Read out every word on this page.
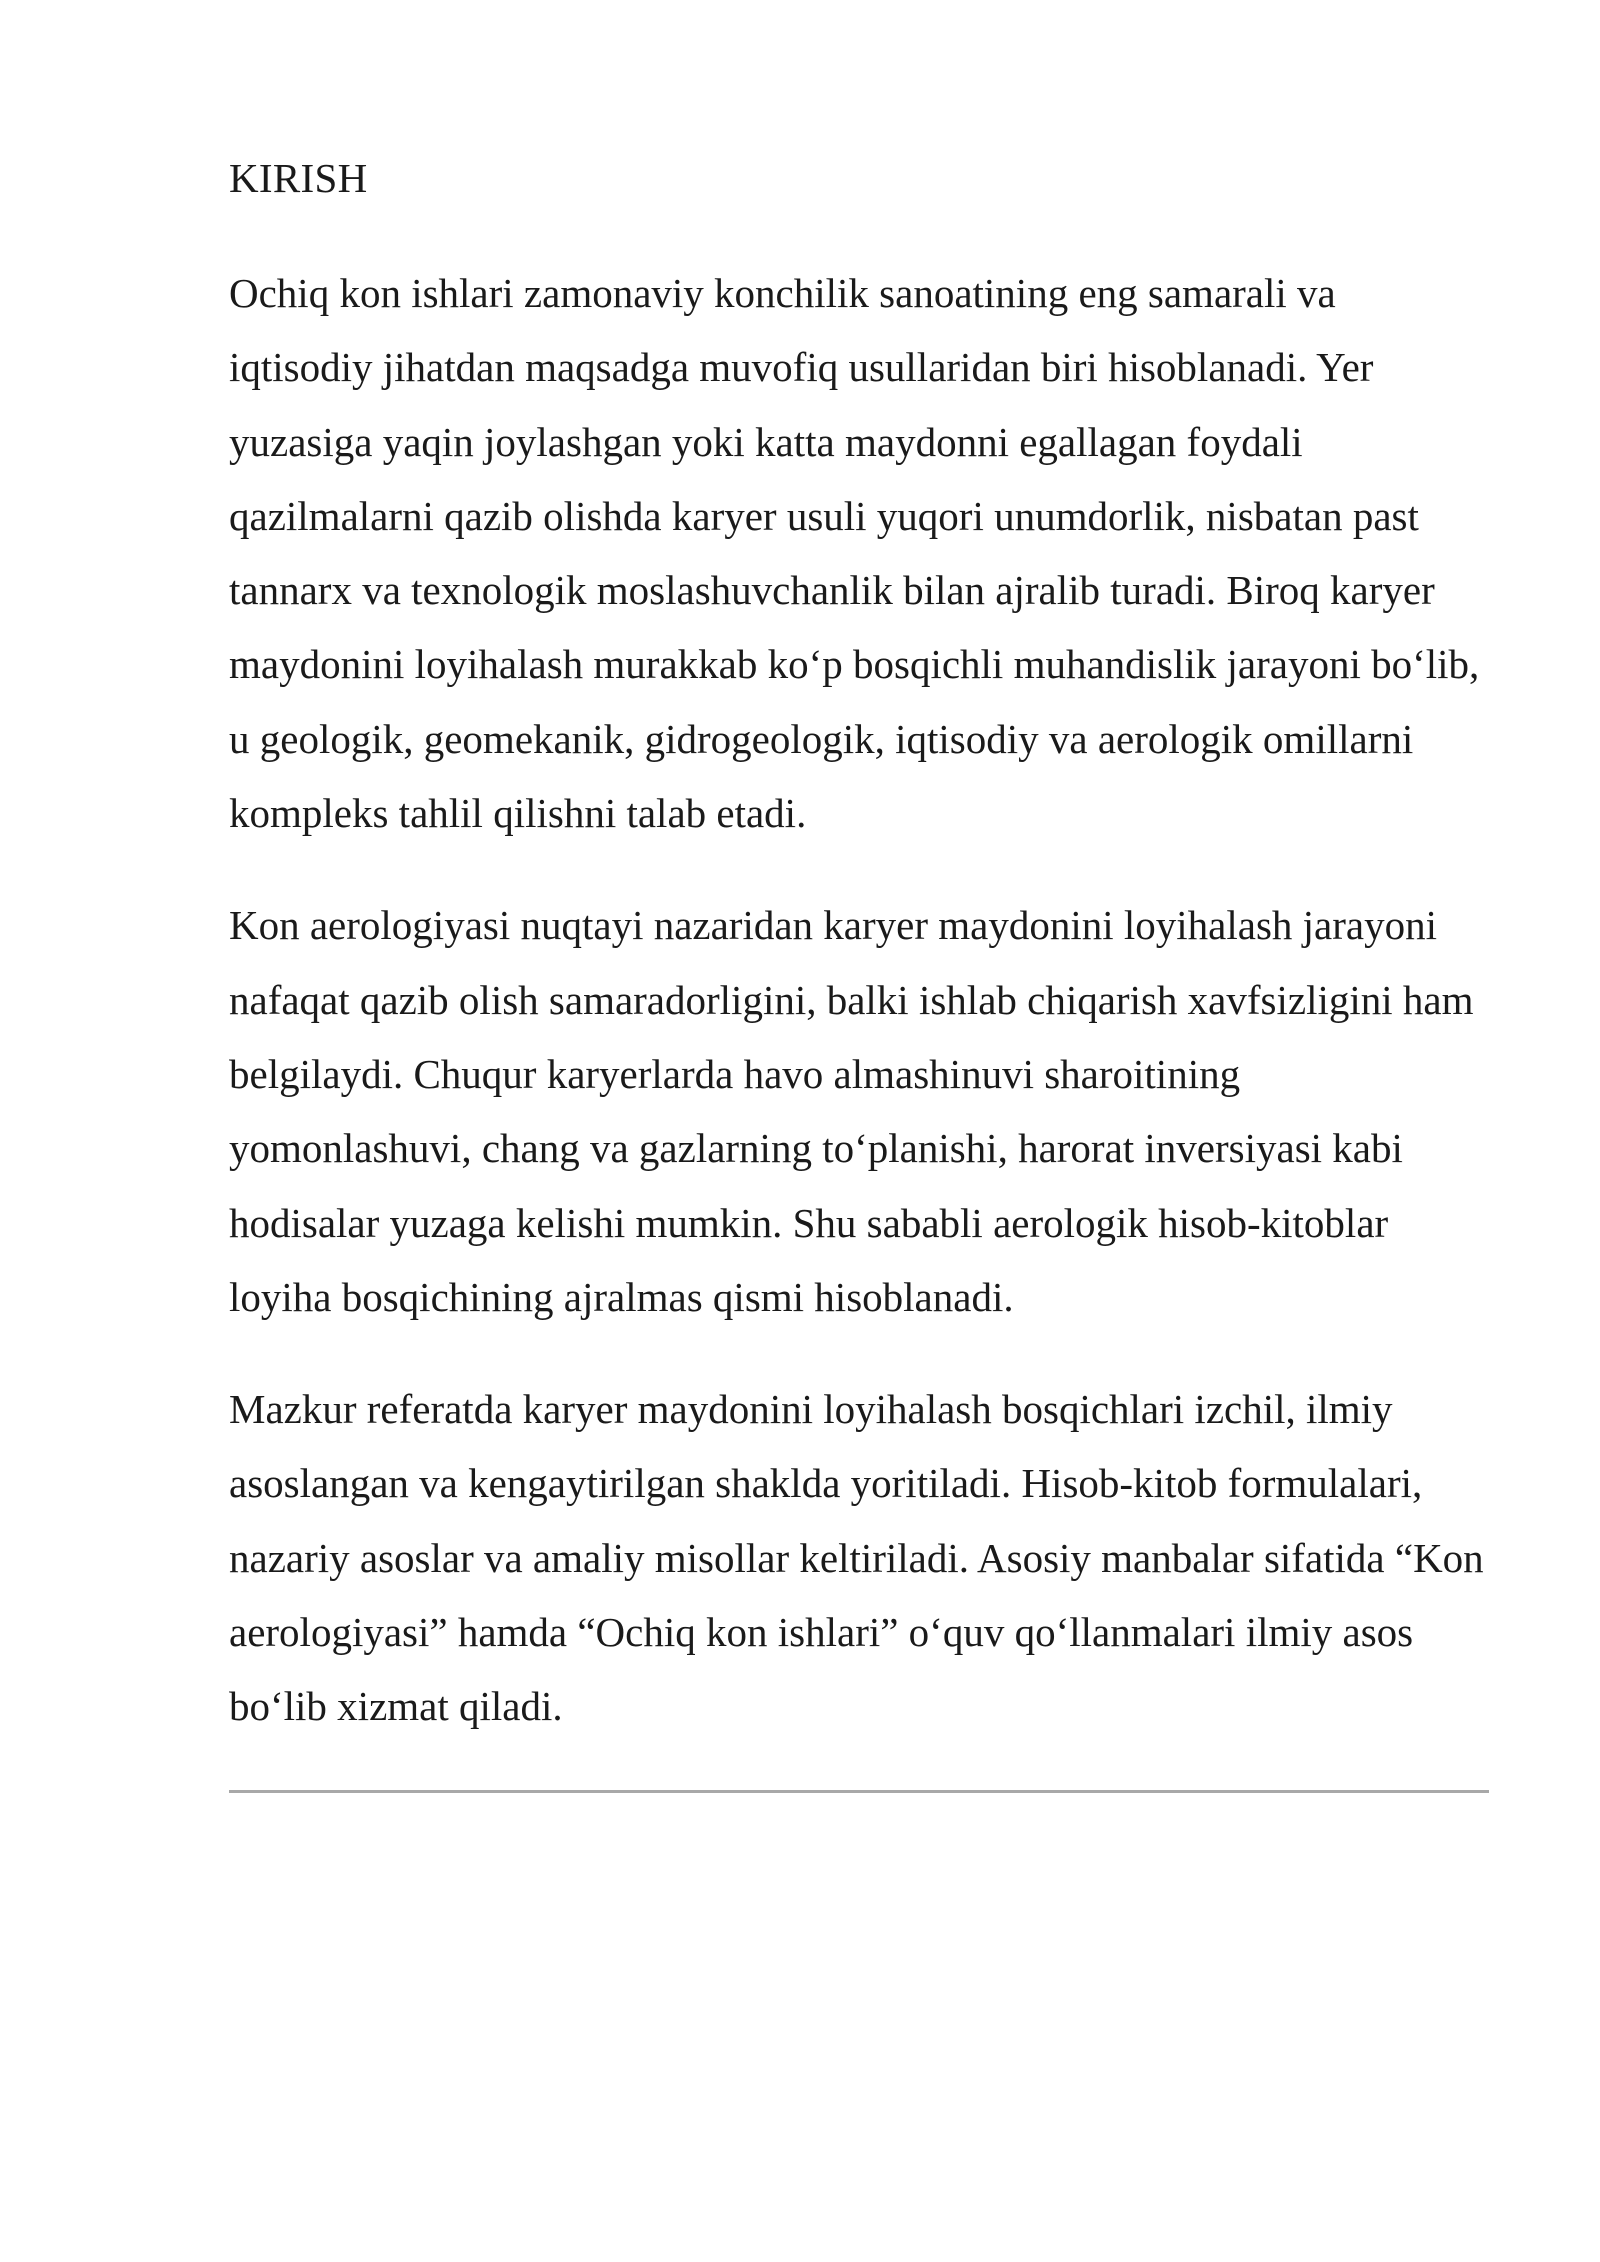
KIRISH

Ochiq kon ishlari zamonaviy konchilik sanoatining eng samarali va iqtisodiy jihatdan maqsadga muvofiq usullaridan biri hisoblanadi. Yer yuzasiga yaqin joylashgan yoki katta maydonni egallagan foydali qazilmalarni qazib olishda karyer usuli yuqori unumdorlik, nisbatan past tannarx va texnologik moslashuvchanlik bilan ajralib turadi. Biroq karyer maydonini loyihalash murakkab ko‘p bosqichli muhandislik jarayoni bo‘lib, u geologik, geomekanik, gidrogeologik, iqtisodiy va aerologik omillarni kompleks tahlil qilishni talab etadi.

Kon aerologiyasi nuqtayi nazaridan karyer maydonini loyihalash jarayoni nafaqat qazib olish samaradorligini, balki ishlab chiqarish xavfsizligini ham belgilaydi. Chuqur karyerlarda havo almashinuvi sharoitining yomonlashuvi, chang va gazlarning to‘planishi, harorat inversiyasi kabi hodisalar yuzaga kelishi mumkin. Shu sababli aerologik hisob-kitoblar loyiha bosqichining ajralmas qismi hisoblanadi.

Mazkur referatda karyer maydonini loyihalash bosqichlari izchil, ilmiy asoslangan va kengaytirilgan shaklda yoritiladi. Hisob-kitob formulalari, nazariy asoslar va amaliy misollar keltiriladi. Asosiy manbalar sifatida “Kon aerologiyasi” hamda “Ochiq kon ishlari” o‘quv qo‘llanmalari ilmiy asos bo‘lib xizmat qiladi.
